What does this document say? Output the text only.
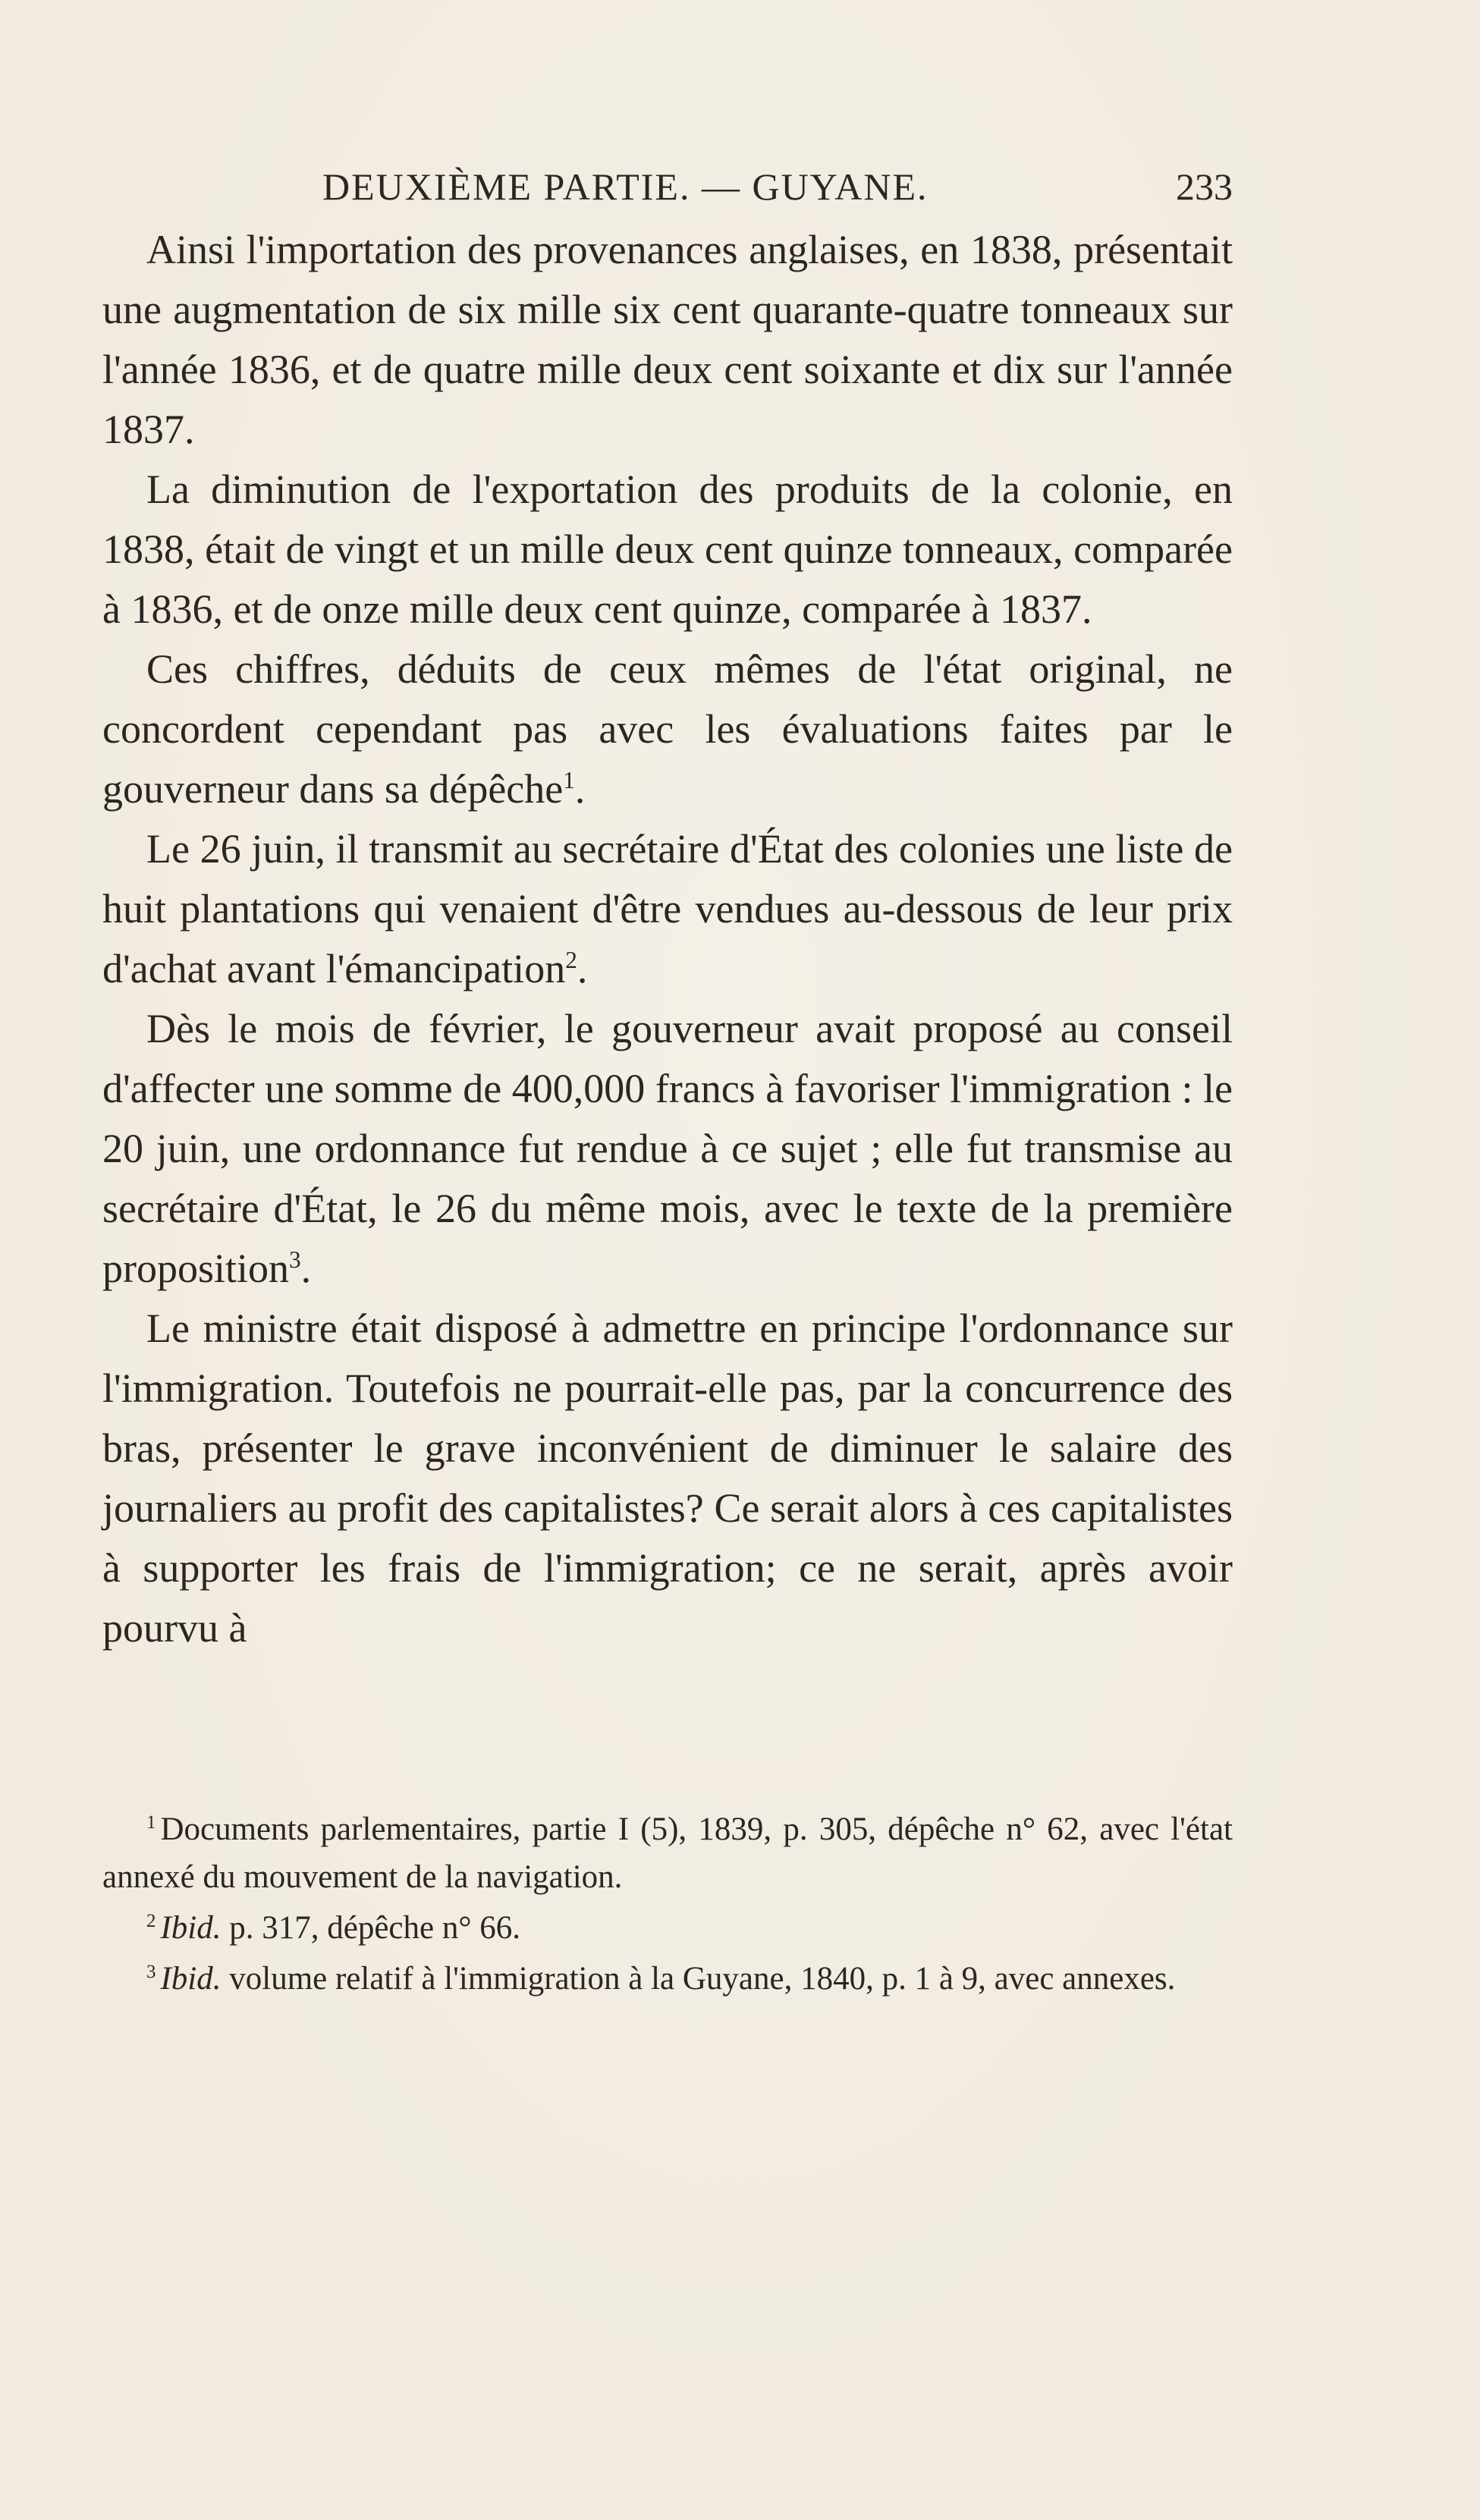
DEUXIÈME PARTIE. — GUYANE.	233

Ainsi l'importation des provenances anglaises, en 1838, présentait une augmentation de six mille six cent quarante-quatre tonneaux sur l'année 1836, et de quatre mille deux cent soixante et dix sur l'année 1837.

La diminution de l'exportation des produits de la colonie, en 1838, était de vingt et un mille deux cent quinze tonneaux, comparée à 1836, et de onze mille deux cent quinze, comparée à 1837.

Ces chiffres, déduits de ceux mêmes de l'état original, ne concordent cependant pas avec les évaluations faites par le gouverneur dans sa dépêche$^1$.

Le 26 juin, il transmit au secrétaire d'État des colonies une liste de huit plantations qui venaient d'être vendues au-dessous de leur prix d'achat avant l'émancipation$^2$.

Dès le mois de février, le gouverneur avait proposé au conseil d'affecter une somme de 400,000 francs à favoriser l'immigration : le 20 juin, une ordonnance fut rendue à ce sujet ; elle fut transmise au secrétaire d'État, le 26 du même mois, avec le texte de la première proposition$^3$.

Le ministre était disposé à admettre en principe l'ordonnance sur l'immigration. Toutefois ne pourrait-elle pas, par la concurrence des bras, présenter le grave inconvénient de diminuer le salaire des journaliers au profit des capitalistes? Ce serait alors à ces capitalistes à supporter les frais de l'immigration; ce ne serait, après avoir pourvu à

$^1$ Documents parlementaires, partie I (5), 1839, p. 305, dépêche n° 62, avec l'état annexé du mouvement de la navigation.

$^2$ Ibid. p. 317, dépêche n° 66.

$^3$ Ibid. volume relatif à l'immigration à la Guyane, 1840, p. 1 à 9, avec annexes.
